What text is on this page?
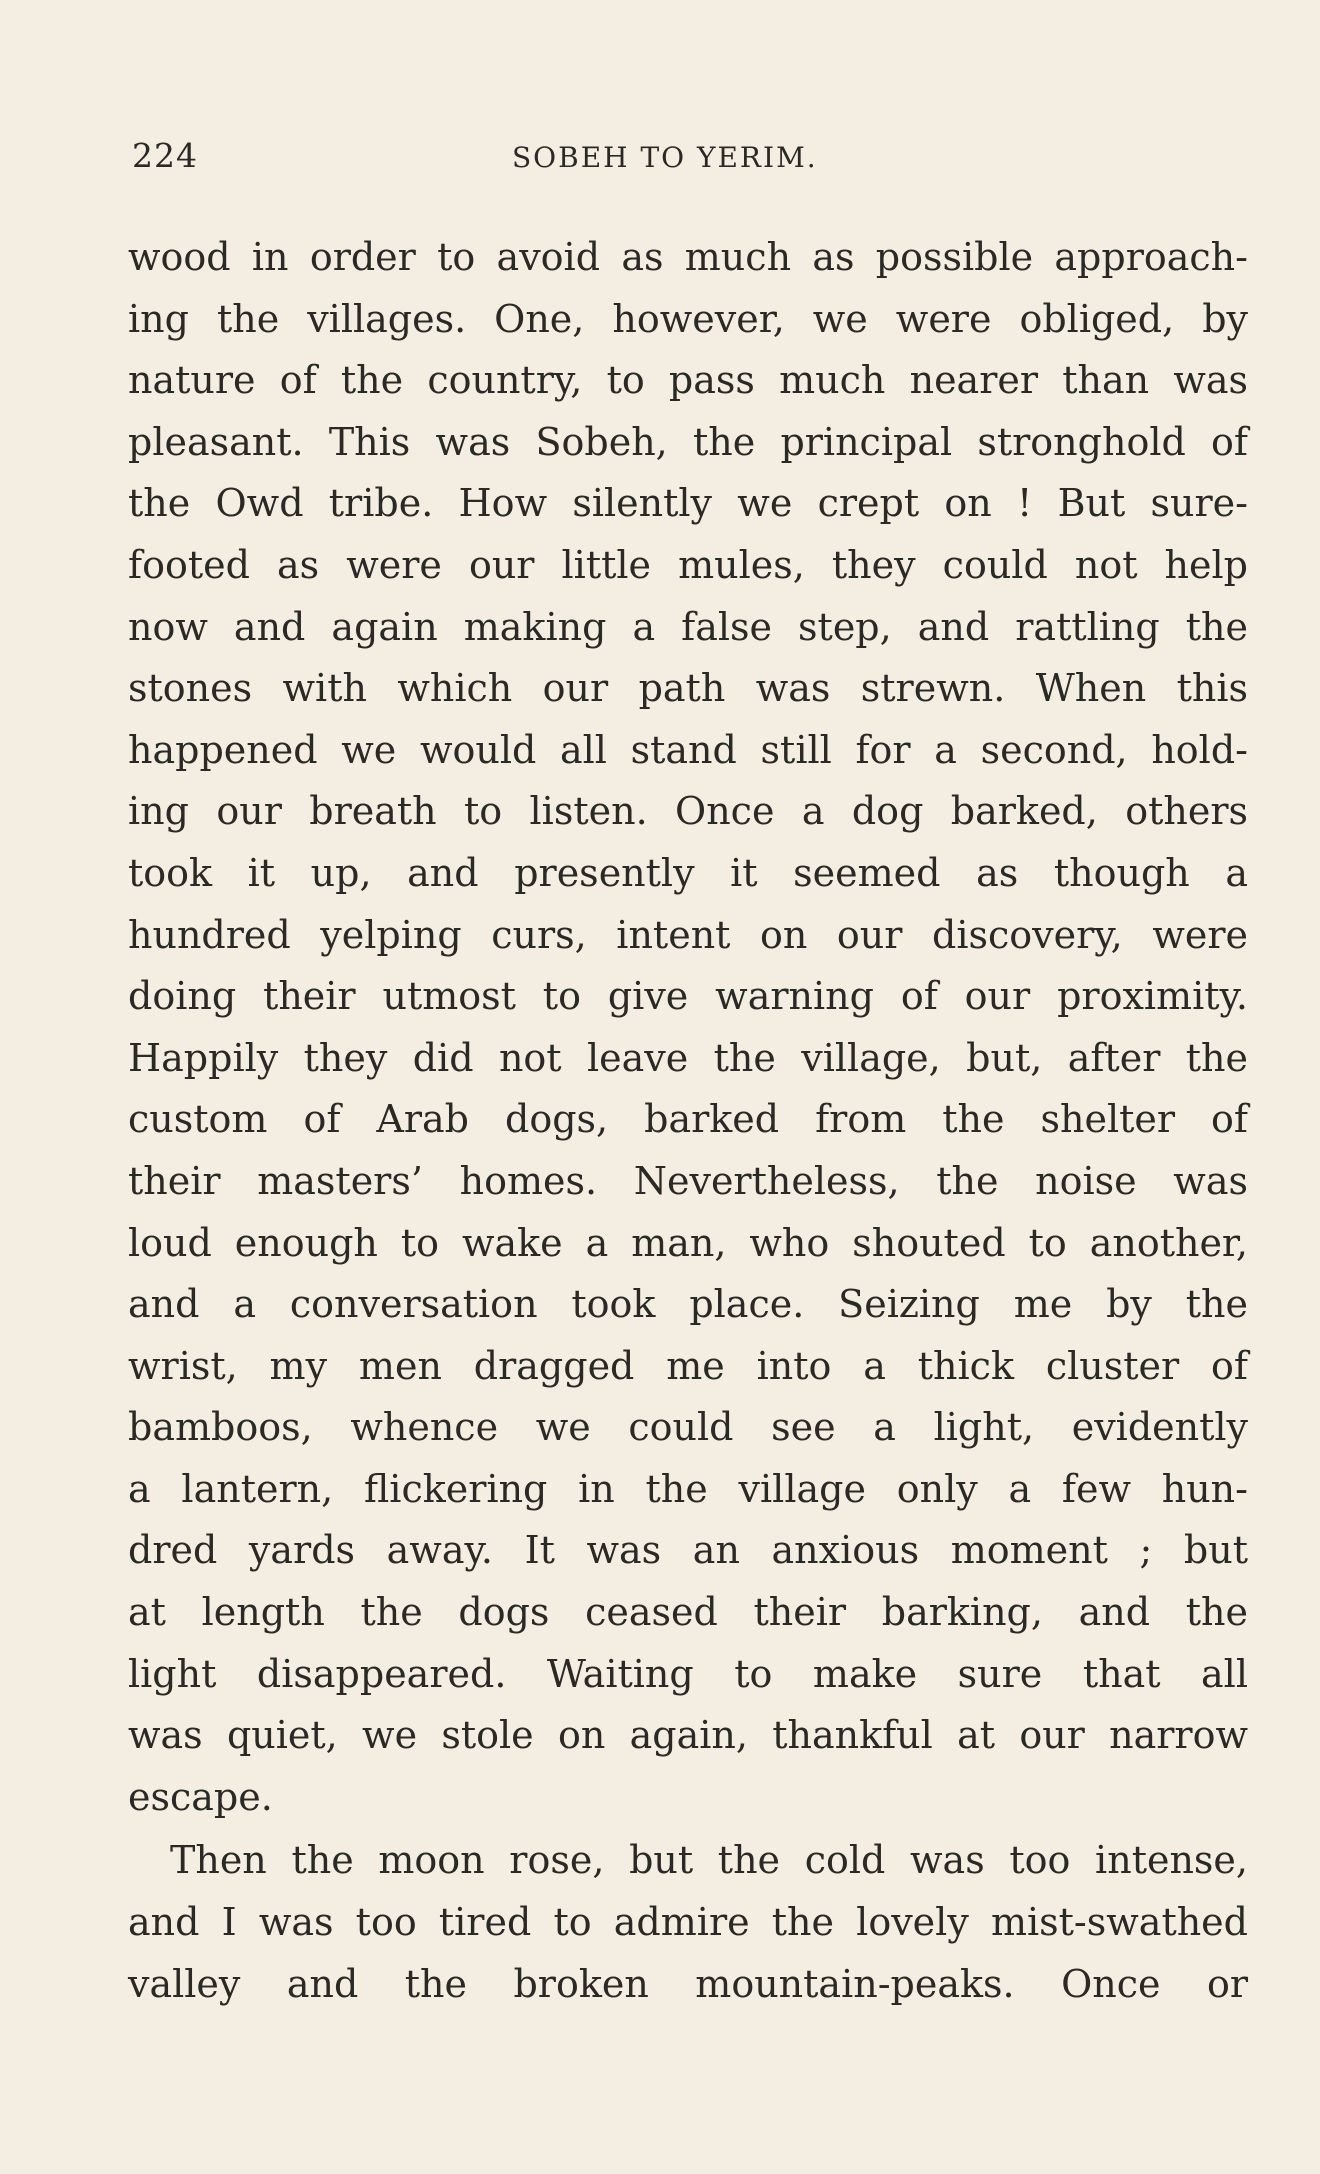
224	SOBEH TO YERIM.
wood in order to avoid as much as possible approach-
ing the villages. One, however, we were obliged, by
nature of the country, to pass much nearer than was
pleasant. This was Sobeh, the principal stronghold of
the Owd tribe. How silently we crept on ! But sure-
footed as were our little mules, they could not help
now and again making a false step, and rattling the
stones with which our path was strewn. When this
happened we would all stand still for a second, hold-
ing our breath to listen. Once a dog barked, others
took it up, and presently it seemed as though a
hundred yelping curs, intent on our discovery, were
doing their utmost to give warning of our proximity.
Happily they did not leave the village, but, after the
custom of Arab dogs, barked from the shelter of
their masters’ homes. Nevertheless, the noise was
loud enough to wake a man, who shouted to another,
and a conversation took place. Seizing me by the
wrist, my men dragged me into a thick cluster of
bamboos, whence we could see a light, evidently
a lantern, flickering in the village only a few hun-
dred yards away. It was an anxious moment ; but
at length the dogs ceased their barking, and the
light disappeared. Waiting to make sure that all
was quiet, we stole on again, thankful at our narrow
escape.
Then the moon rose, but the cold was too intense,
and I was too tired to admire the lovely mist-swathed
valley and the broken mountain-peaks. Once or
